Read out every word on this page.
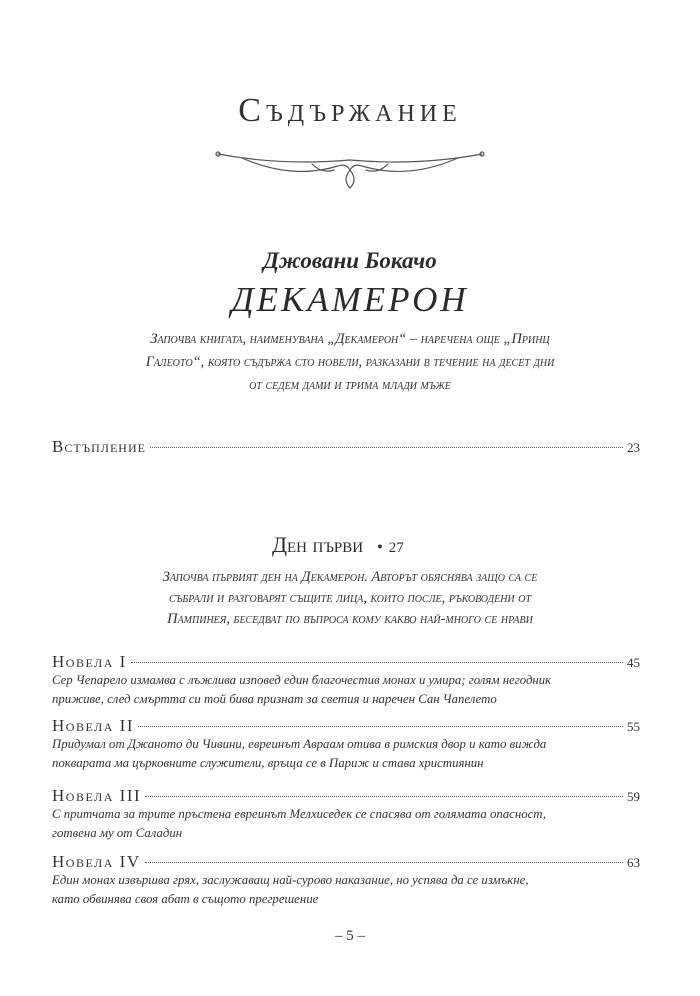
Съдържание
Джовани Бокачо
ДЕКАМЕРОН
Започва книгата, наименувана „Декамерон“ – наречена още „Принц
Галеото“, която съдържа сто новели, разказани в течение на десет дни
от седем дами и трима млади мъже
Встъпление	23
Ден първи • 27
Започва първият ден на Декамерон. Авторът обяснява защо са се
събрали и разговарят същите лица, които после, ръководени от
Пампинея, беседват по въпроса кому какво най-много се нрави
Новела I	45
Сер Чепарело измамва с лъжлива изповед един благочестив монах и умира; голям негодник
приживе, след смъртта си той бива признат за светия и наречен Сан Чапелето
Новела II	55
Придумал от Джаното ди Чивини, евреинът Авраам отива в римския двор и като вижда
покварата ма църковните служители, връща се в Париж и става християнин
Новела III	59
С притчата за трите пръстена евреинът Мелхиседек се спасява от голямата опасност,
готвена му от Саладин
Новела IV	63
Един монах извършва грях, заслужаващ най-сурово наказание, но успява да се измъкне,
като обвинява своя абат в същото прегрешение
– 5 –
